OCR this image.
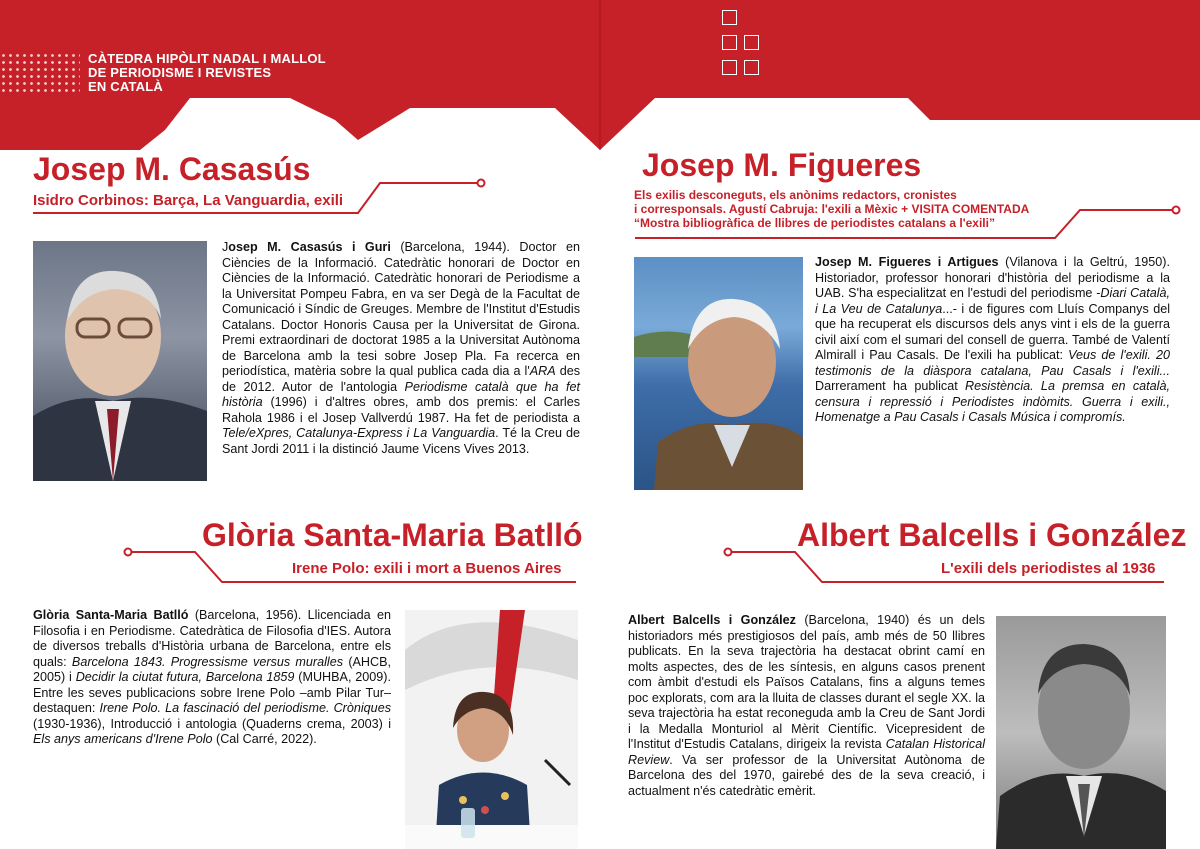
CÀTEDRA HIPÒLIT NADAL I MALLOL
DE PERIODISME I REVISTES
EN CATALÀ
Josep M. Casasús
Isidro Corbinos: Barça, La Vanguardia, exili
Josep M. Casasús i Guri (Barcelona, 1944). Doctor en Ciències de la Informació. Catedràtic honorari de Doctor en Ciències de la Informació. Catedràtic honorari de Periodisme a la Universitat Pompeu Fabra, en va ser Degà de la Facultat de Comunicació i Síndic de Greuges. Membre de l'Institut d'Estudis Catalans. Doctor Honoris Causa per la Universitat de Girona. Premi extraordinari de doctorat 1985 a la Universitat Autònoma de Barcelona amb la tesi sobre Josep Pla. Fa recerca en periodística, matèria sobre la qual publica cada dia a l'ARA des de 2012. Autor de l'antologia Periodisme català que ha fet història (1996) i d'altres obres, amb dos premis: el Carles Rahola 1986 i el Josep Vallverdú 1987. Ha fet de periodista a Tele/eXpres, Catalunya-Express i La Vanguardia. Té la Creu de Sant Jordi 2011 i la distinció Jaume Vicens Vives 2013.
Josep M. Figueres
Els exilis desconeguts, els anònims redactors, cronistes
i corresponsals. Agustí Cabruja: l'exili a Mèxic + VISITA COMENTADA
“Mostra bibliogràfica de llibres de periodistes catalans a l'exili”
Josep M. Figueres i Artigues (Vilanova i la Geltrú, 1950). Historiador, professor honorari d'història del periodisme a la UAB. S'ha especialitzat en l'estudi del periodisme -Diari Català, i La Veu de Catalunya...- i de figures com Lluís Companys del que ha recuperat els discursos dels anys vint i els de la guerra civil així com el sumari del consell de guerra. També de Valentí Almirall i Pau Casals. De l'exili ha publicat: Veus de l'exili. 20 testimonis de la diàspora catalana, Pau Casals i l'exili... Darrerament ha publicat Resistència. La premsa en català, censura i repressió i Periodistes indòmits. Guerra i exili., Homenatge a Pau Casals i Casals Música i compromís.
Glòria Santa-Maria Batlló
Irene Polo: exili i mort a Buenos Aires
Glòria Santa-Maria Batlló (Barcelona, 1956). Llicenciada en Filosofia i en Periodisme. Catedràtica de Filosofia d'IES. Autora de diversos treballs d'Història urbana de Barcelona, entre els quals: Barcelona 1843. Progressisme versus muralles (AHCB, 2005) i Decidir la ciutat futura, Barcelona 1859 (MUHBA, 2009). Entre les seves publicacions sobre Irene Polo –amb Pilar Tur– destaquen: Irene Polo. La fascinació del periodisme. Cròniques (1930-1936), Introducció i antologia (Quaderns crema, 2003) i Els anys americans d'Irene Polo (Cal Carré, 2022).
Albert Balcells i González
L'exili dels periodistes al 1936
Albert Balcells i González (Barcelona, 1940) és un dels historiadors més prestigiosos del país, amb més de 50 llibres publicats. En la seva trajectòria ha destacat obrint camí en molts aspectes, des de les síntesis, en alguns casos prenent com àmbit d'estudi els Països Catalans, fins a alguns temes poc explorats, com ara la lluita de classes durant el segle XX. la seva trajectòria ha estat reconeguda amb la Creu de Sant Jordi i la Medalla Monturiol al Mèrit Científic. Vicepresident de l'Institut d'Estudis Catalans, dirigeix la revista Catalan Historical Review. Va ser professor de la Universitat Autònoma de Barcelona des del 1970, gairebé des de la seva creació, i actualment n'és catedràtic emèrit.
